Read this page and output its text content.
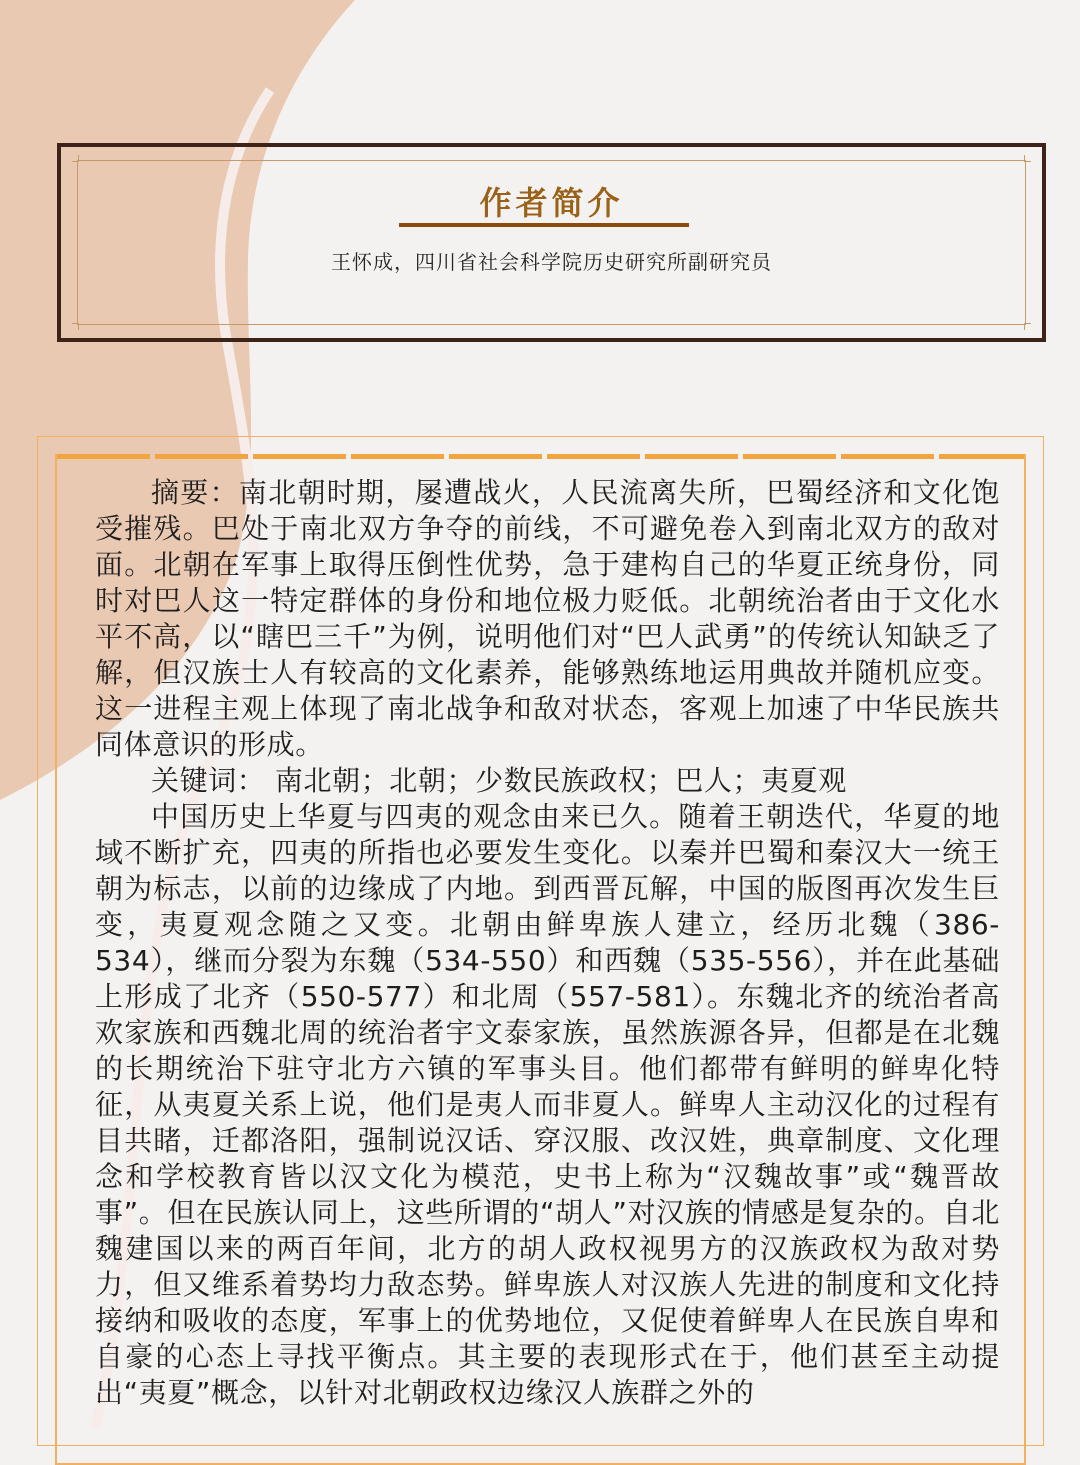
作者简介

王怀成，四川省社会科学院历史研究所副研究员

摘要：南北朝时期，屡遭战火，人民流离失所，巴蜀经济和文化饱受摧残。巴处于南北双方争夺的前线，不可避免卷入到南北双方的敌对面。北朝在军事上取得压倒性优势，急于建构自己的华夏正统身份，同时对巴人这一特定群体的身份和地位极力贬低。北朝统治者由于文化水平不高，以“瞎巴三千”为例，说明他们对“巴人武勇”的传统认知缺乏了解，但汉族士人有较高的文化素养，能够熟练地运用典故并随机应变。这一进程主观上体现了南北战争和敌对状态，客观上加速了中华民族共同体意识的形成。

关键词： 南北朝；北朝；少数民族政权；巴人；夷夏观

中国历史上华夏与四夷的观念由来已久。随着王朝迭代，华夏的地域不断扩充，四夷的所指也必要发生变化。以秦并巴蜀和秦汉大一统王朝为标志，以前的边缘成了内地。到西晋瓦解，中国的版图再次发生巨变，夷夏观念随之又变。北朝由鲜卑族人建立，经历北魏（386-534），继而分裂为东魏（534-550）和西魏（535-556），并在此基础上形成了北齐（550-577）和北周（557-581）。东魏北齐的统治者高欢家族和西魏北周的统治者宇文泰家族，虽然族源各异，但都是在北魏的长期统治下驻守北方六镇的军事头目。他们都带有鲜明的鲜卑化特征，从夷夏关系上说，他们是夷人而非夏人。鲜卑人主动汉化的过程有目共睹，迁都洛阳，强制说汉话、穿汉服、改汉姓，典章制度、文化理念和学校教育皆以汉文化为模范，史书上称为“汉魏故事”或“魏晋故事”。但在民族认同上，这些所谓的“胡人”对汉族的情感是复杂的。自北魏建国以来的两百年间，北方的胡人政权视男方的汉族政权为敌对势力，但又维系着势均力敌态势。鲜卑族人对汉族人先进的制度和文化持接纳和吸收的态度，军事上的优势地位，又促使着鲜卑人在民族自卑和自豪的心态上寻找平衡点。其主要的表现形式在于，他们甚至主动提出“夷夏”概念，以针对北朝政权边缘汉人族群之外的
